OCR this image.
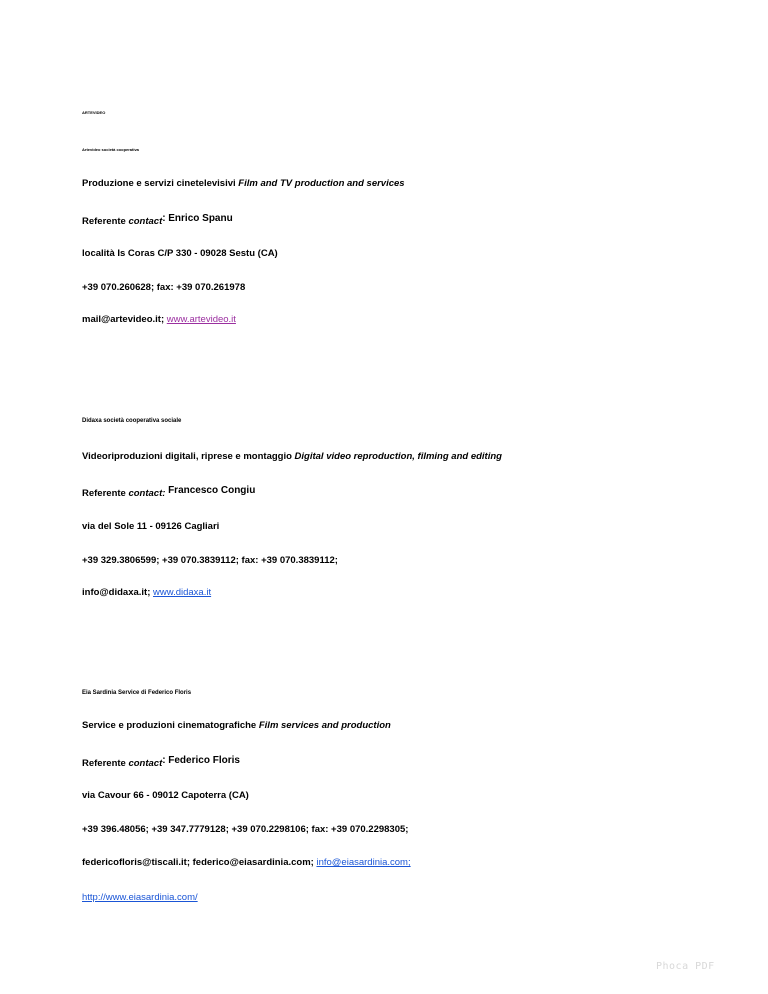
ARTEVIDEO
Artevideo società cooperativa
Produzione e servizi cinetelevisivi Film and TV production and services
Referente contact: Enrico Spanu
località Is Coras C/P 330 - 09028 Sestu (CA)
+39 070.260628; fax: +39 070.261978
mail@artevideo.it; www.artevideo.it
Didaxa società cooperativa sociale
Videoriproduzioni digitali, riprese e montaggio Digital video reproduction, filming and editing
Referente contact: Francesco Congiu
via del Sole 11 - 09126 Cagliari
+39 329.3806599; +39 070.3839112; fax: +39 070.3839112;
info@didaxa.it; www.didaxa.it
Eia Sardinia Service di Federico Floris
Service e produzioni cinematografiche Film services and production
Referente contact: Federico Floris
via Cavour 66 - 09012 Capoterra (CA)
+39 396.48056; +39 347.7779128; +39 070.2298106; fax: +39 070.2298305;
federicofloris@tiscali.it; federico@eiasardinia.com; info@eiasardinia.com;
http://www.eiasardinia.com/
Phoca PDF
